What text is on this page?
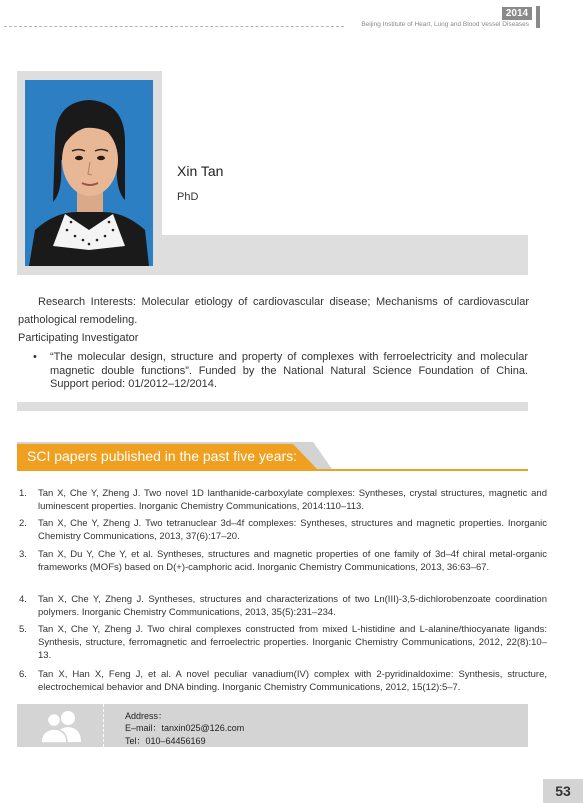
2014
Beijing Institute of Heart, Lung and Blood Vessel Diseases
Xin Tan
PhD
Research Interests: Molecular etiology of cardiovascular disease; Mechanisms of cardiovascular pathological remodeling.
Participating Investigator
• “The molecular design, structure and property of complexes with ferroelectricity and molecular magnetic double functions”. Funded by the National Natural Science Foundation of China. Support period: 01/2012–12/2014.
SCI papers published in the past five years:
1. Tan X, Che Y, Zheng J. Two novel 1D lanthanide-carboxylate complexes: Syntheses, crystal structures, magnetic and luminescent properties. Inorganic Chemistry Communications, 2014:110–113.
2. Tan X, Che Y, Zheng J. Two tetranuclear 3d–4f complexes: Syntheses, structures and magnetic properties. Inorganic Chemistry Communications, 2013, 37(6):17–20.
3. Tan X, Du Y, Che Y, et al. Syntheses, structures and magnetic properties of one family of 3d–4f chiral metal-organic frameworks (MOFs) based on D(+)-camphoric acid. Inorganic Chemistry Communications, 2013, 36:63–67.
4. Tan X, Che Y, Zheng J. Syntheses, structures and characterizations of two Ln(III)-3,5-dichlorobenzoate coordination polymers. Inorganic Chemistry Communications, 2013, 35(5):231–234.
5. Tan X, Che Y, Zheng J. Two chiral complexes constructed from mixed L-histidine and L-alanine/thiocyanate ligands: Synthesis, structure, ferromagnetic and ferroelectric properties. Inorganic Chemistry Communications, 2012, 22(8):10–13.
6. Tan X, Han X, Feng J, et al. A novel peculiar vanadium(IV) complex with 2-pyridinaldoxime: Synthesis, structure, electrochemical behavior and DNA binding. Inorganic Chemistry Communications, 2012, 15(12):5–7.
Address：
E–mail：tanxin025@126.com
Tel：010–64456169
53
